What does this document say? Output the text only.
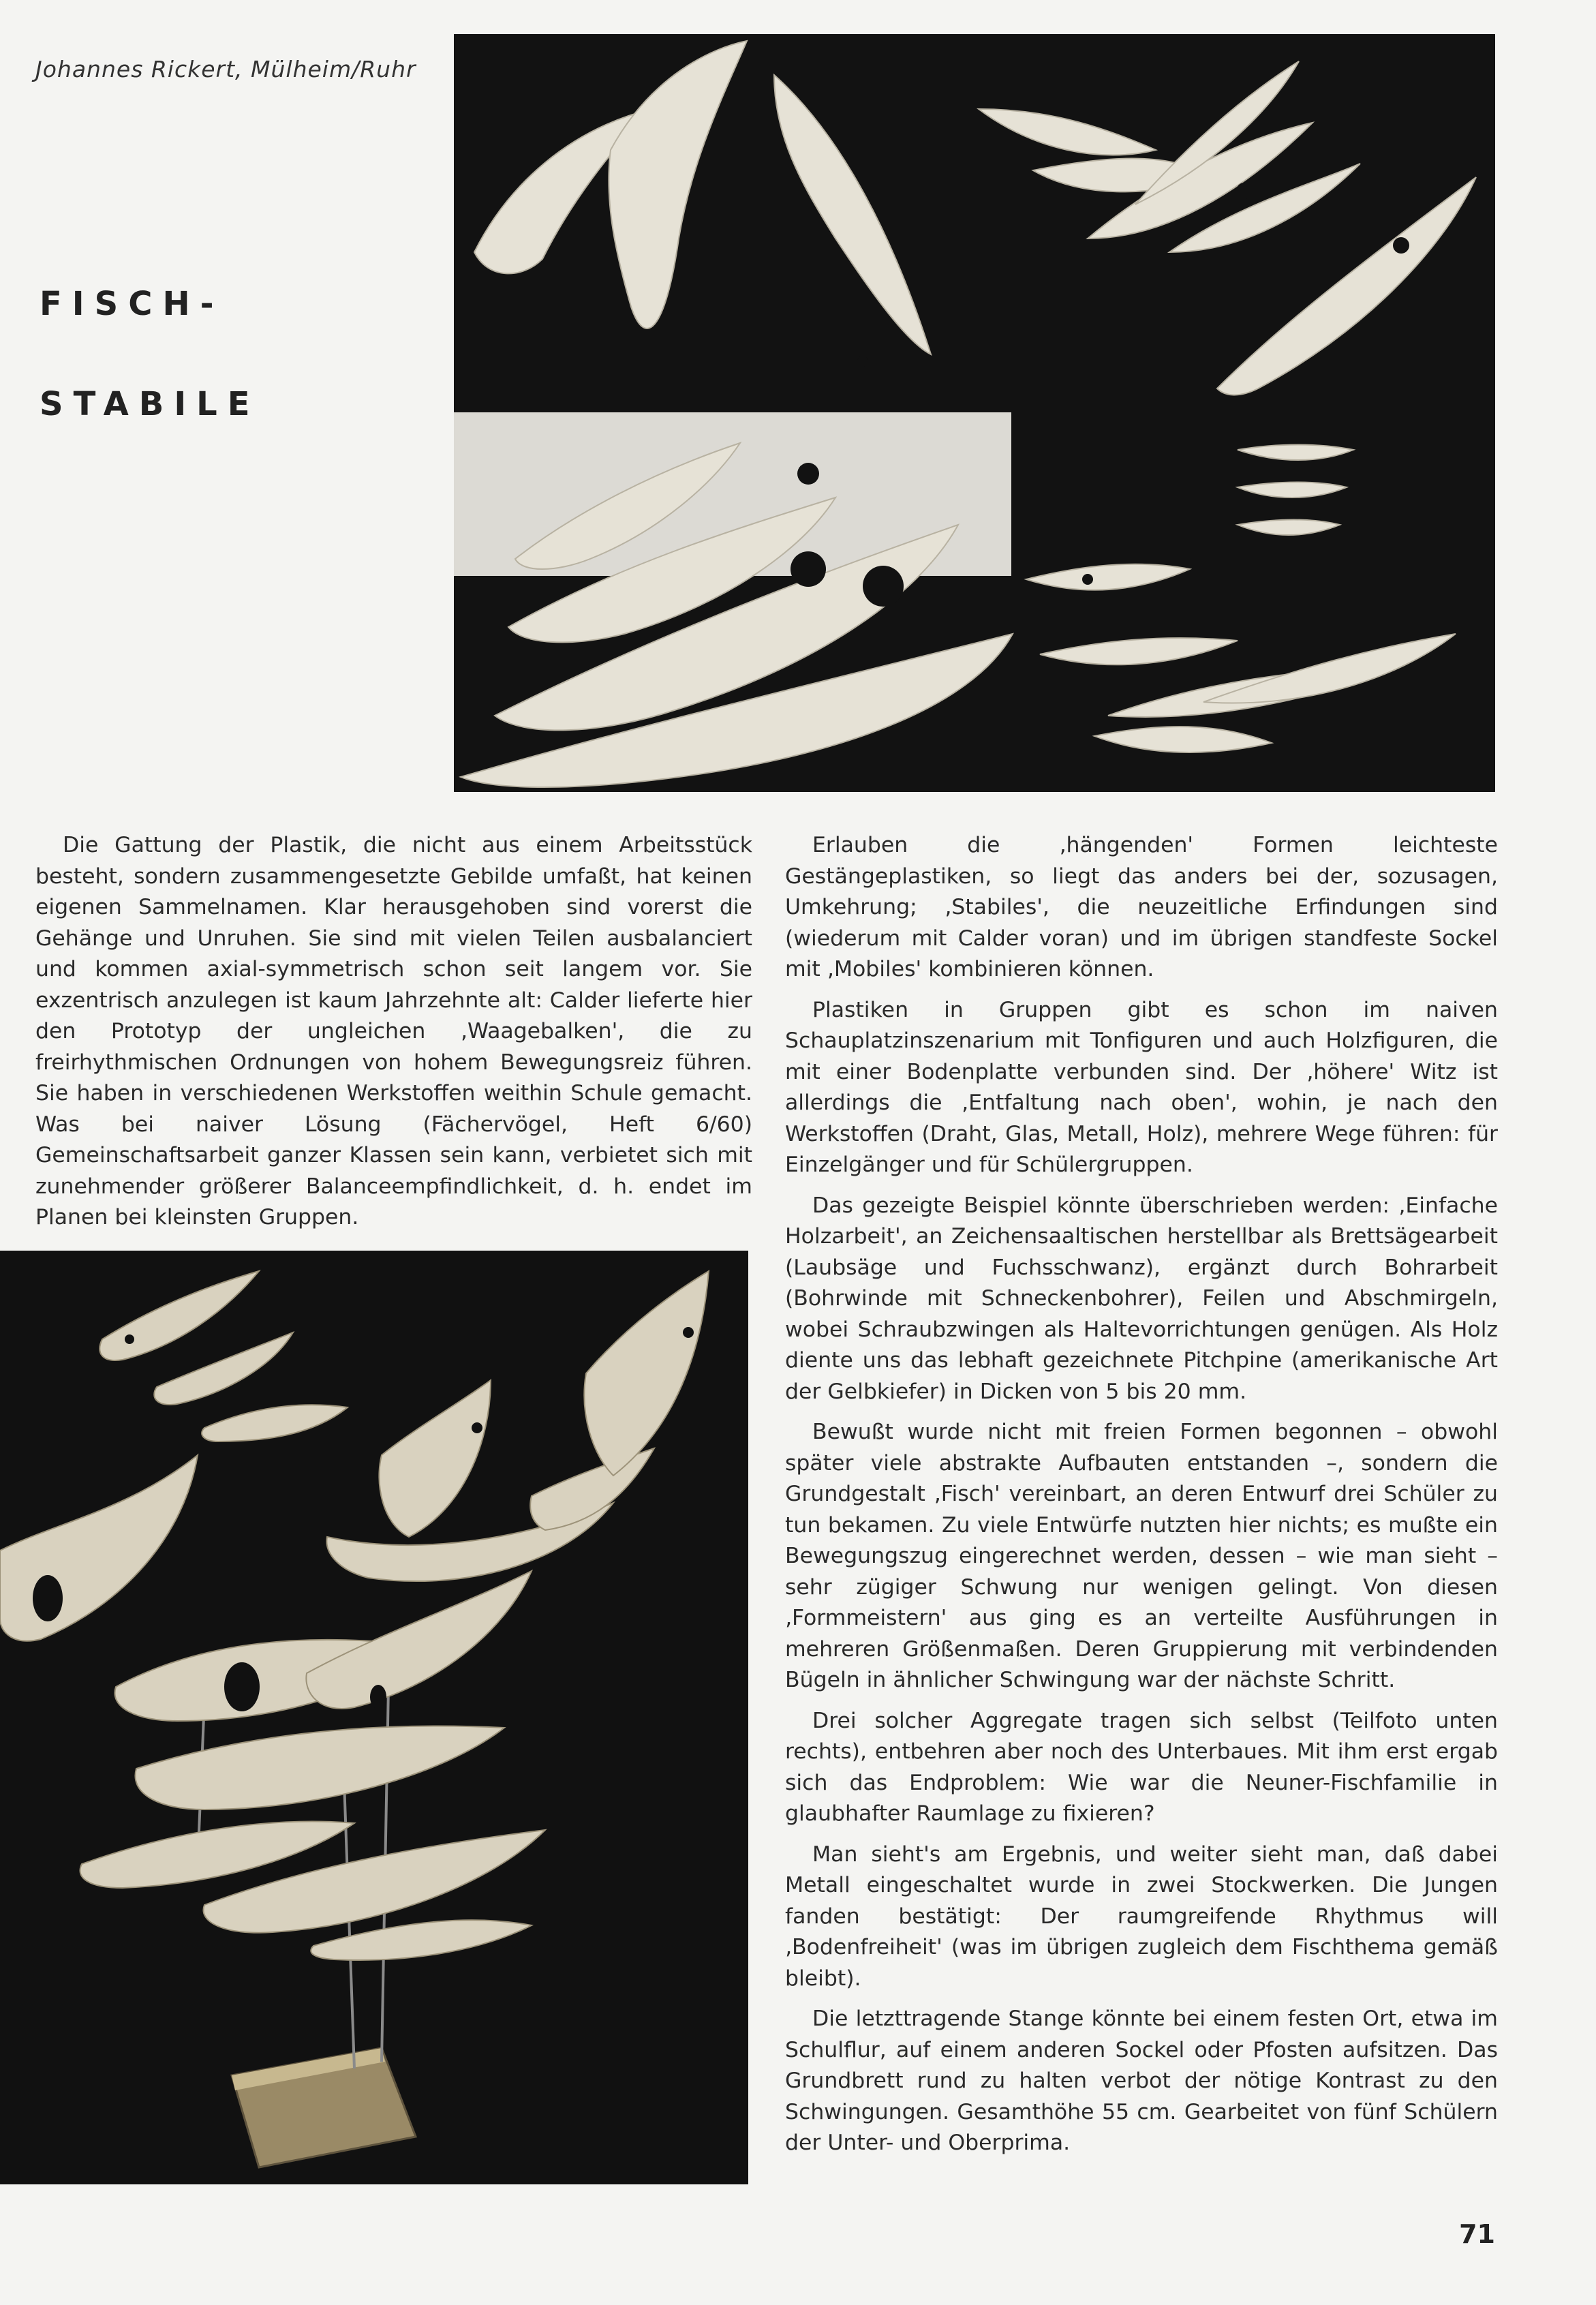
Johannes Rickert, Mülheim/Ruhr
FISCH-
STABILE

Die Gattung der Plastik, die nicht aus einem Arbeitsstück besteht, sondern zusammengesetzte Gebilde umfaßt, hat keinen eigenen Sammelnamen. Klar herausgehoben sind vorerst die Gehänge und Unruhen. Sie sind mit vielen Teilen ausbalanciert und kommen axial-symmetrisch schon seit langem vor. Sie exzentrisch anzulegen ist kaum Jahrzehnte alt: Calder lieferte hier den Prototyp der ungleichen ‚Waagebalken', die zu freirhythmischen Ordnungen von hohem Bewegungsreiz führen. Sie haben in verschiedenen Werkstoffen weithin Schule gemacht. Was bei naiver Lösung (Fächervögel, Heft 6/60) Gemeinschaftsarbeit ganzer Klassen sein kann, verbietet sich mit zunehmender größerer Balanceempfindlichkeit, d. h. endet im Planen bei kleinsten Gruppen.

Erlauben die ‚hängenden' Formen leichteste Gestängeplastiken, so liegt das anders bei der, sozusagen, Umkehrung; ‚Stabiles', die neuzeitliche Erfindungen sind (wiederum mit Calder voran) und im übrigen standfeste Sockel mit ‚Mobiles' kombinieren können.

Plastiken in Gruppen gibt es schon im naiven Schauplatzinszenarium mit Tonfiguren und auch Holzfiguren, die mit einer Bodenplatte verbunden sind. Der ‚höhere' Witz ist allerdings die ‚Entfaltung nach oben', wohin, je nach den Werkstoffen (Draht, Glas, Metall, Holz), mehrere Wege führen: für Einzelgänger und für Schülergruppen.

Das gezeigte Beispiel könnte überschrieben werden: ‚Einfache Holzarbeit', an Zeichensaaltischen herstellbar als Brettsägearbeit (Laubsäge und Fuchsschwanz), ergänzt durch Bohrarbeit (Bohrwinde mit Schneckenbohrer), Feilen und Abschmirgeln, wobei Schraubzwingen als Haltevorrichtungen genügen. Als Holz diente uns das lebhaft gezeichnete Pitchpine (amerikanische Art der Gelbkiefer) in Dicken von 5 bis 20 mm.

Bewußt wurde nicht mit freien Formen begonnen – obwohl später viele abstrakte Aufbauten entstanden –, sondern die Grundgestalt ‚Fisch' vereinbart, an deren Entwurf drei Schüler zu tun bekamen. Zu viele Entwürfe nutzten hier nichts; es mußte ein Bewegungszug eingerechnet werden, dessen – wie man sieht – sehr zügiger Schwung nur wenigen gelingt. Von diesen ‚Formmeistern' aus ging es an verteilte Ausführungen in mehreren Größenmaßen. Deren Gruppierung mit verbindenden Bügeln in ähnlicher Schwingung war der nächste Schritt.

Drei solcher Aggregate tragen sich selbst (Teilfoto unten rechts), entbehren aber noch des Unterbaues. Mit ihm erst ergab sich das Endproblem: Wie war die Neuner-Fischfamilie in glaubhafter Raumlage zu fixieren?

Man sieht's am Ergebnis, und weiter sieht man, daß dabei Metall eingeschaltet wurde in zwei Stockwerken. Die Jungen fanden bestätigt: Der raumgreifende Rhythmus will ‚Bodenfreiheit' (was im übrigen zugleich dem Fischthema gemäß bleibt).

Die letzttragende Stange könnte bei einem festen Ort, etwa im Schulflur, auf einem anderen Sockel oder Pfosten aufsitzen. Das Grundbrett rund zu halten verbot der nötige Kontrast zu den Schwingungen. Gesamthöhe 55 cm. Gearbeitet von fünf Schülern der Unter- und Oberprima.

71
